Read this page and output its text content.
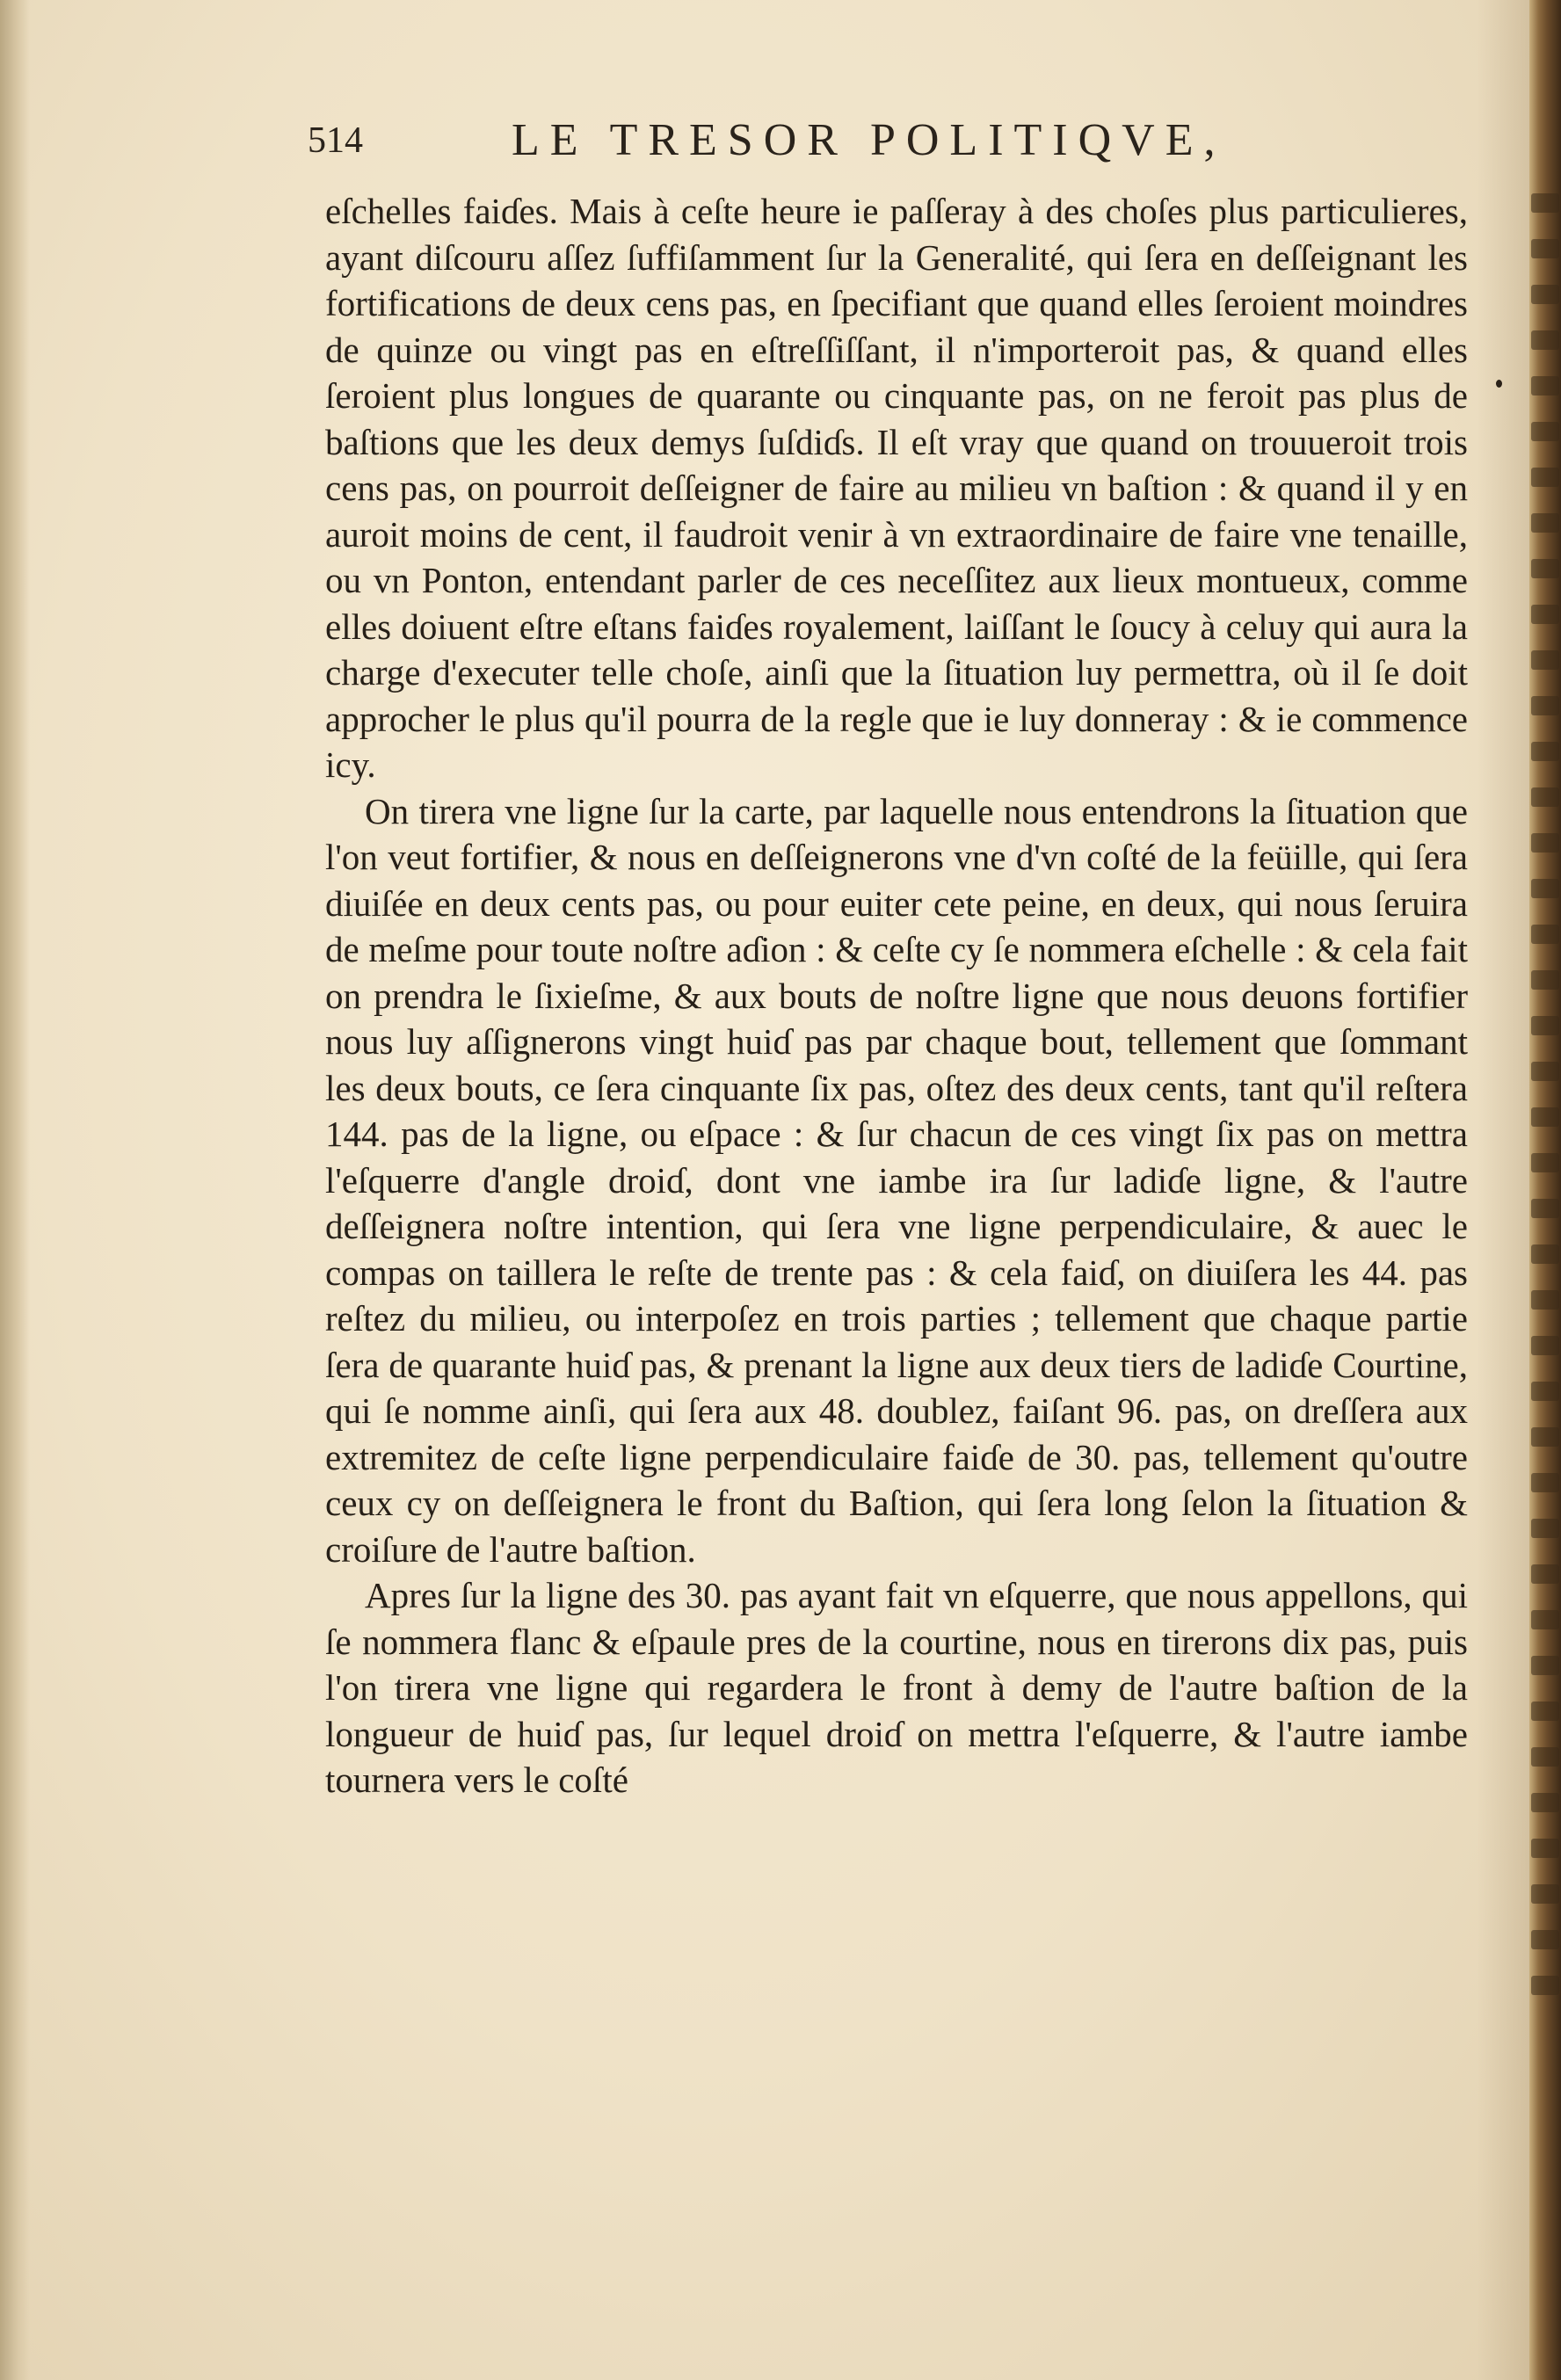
514	LE TRESOR POLITIQVE,

eſchelles faiɗes. Mais à ceſte heure ie paſſeray à des choſes plus particulieres, ayant diſcouru aſſez ſuffiſamment ſur la Generalité, qui ſera en deſſeignant les fortifications de deux cens pas, en ſpecifiant que quand elles ſeroient moindres de quinze ou vingt pas en eſtreſſiſſant, il n'importeroit pas, & quand elles ſeroient plus longues de quarante ou cinquante pas, on ne feroit pas plus de baſtions que les deux demys ſuſdiɗs. Il eſt vray que quand on trouueroit trois cens pas, on pourroit deſſeigner de faire au milieu vn baſtion : & quand il y en auroit moins de cent, il faudroit venir à vn extraordinaire de faire vne tenaille, ou vn Ponton, entendant parler de ces neceſſitez aux lieux montueux, comme elles doiuent eſtre eſtans faiɗes royalement, laiſſant le ſoucy à celuy qui aura la charge d'executer telle choſe, ainſi que la ſituation luy permettra, où il ſe doit approcher le plus qu'il pourra de la regle que ie luy donneray : & ie commence icy.

On tirera vne ligne ſur la carte, par laquelle nous entendrons la ſituation que l'on veut fortifier, & nous en deſſeignerons vne d'vn coſté de la feüille, qui ſera diuiſée en deux cents pas, ou pour euiter cete peine, en deux, qui nous ſeruira de meſme pour toute noſtre aɗion : & ceſte cy ſe nommera eſchelle : & cela fait on prendra le ſixieſme, & aux bouts de noſtre ligne que nous deuons fortifier nous luy aſſignerons vingt huiɗ pas par chaque bout, tellement que ſommant les deux bouts, ce ſera cinquante ſix pas, oſtez des deux cents, tant qu'il reſtera 144. pas de la ligne, ou eſpace : & ſur chacun de ces vingt ſix pas on mettra l'eſquerre d'angle droiɗ, dont vne iambe ira ſur ladiɗe ligne, & l'autre deſſeignera noſtre intention, qui ſera vne ligne perpendiculaire, & auec le compas on taillera le reſte de trente pas : & cela faiɗ, on diuiſera les 44. pas reſtez du milieu, ou interpoſez en trois parties ; tellement que chaque partie ſera de quarante huiɗ pas, & prenant la ligne aux deux tiers de ladiɗe Courtine, qui ſe nomme ainſi, qui ſera aux 48. doublez, faiſant 96. pas, on dreſſera aux extremitez de ceſte ligne perpendiculaire faiɗe de 30. pas, tellement qu'outre ceux cy on deſſeignera le front du Baſtion, qui ſera long ſelon la ſituation & croiſure de l'autre baſtion.

Apres ſur la ligne des 30. pas ayant fait vn eſquerre, que nous appellons, qui ſe nommera flanc & eſpaule pres de la courtine, nous en tirerons dix pas, puis l'on tirera vne ligne qui regardera le front à demy de l'autre baſtion de la longueur de huiɗ pas, ſur lequel droiɗ on mettra l'eſquerre, & l'autre iambe tournera vers le coſté
